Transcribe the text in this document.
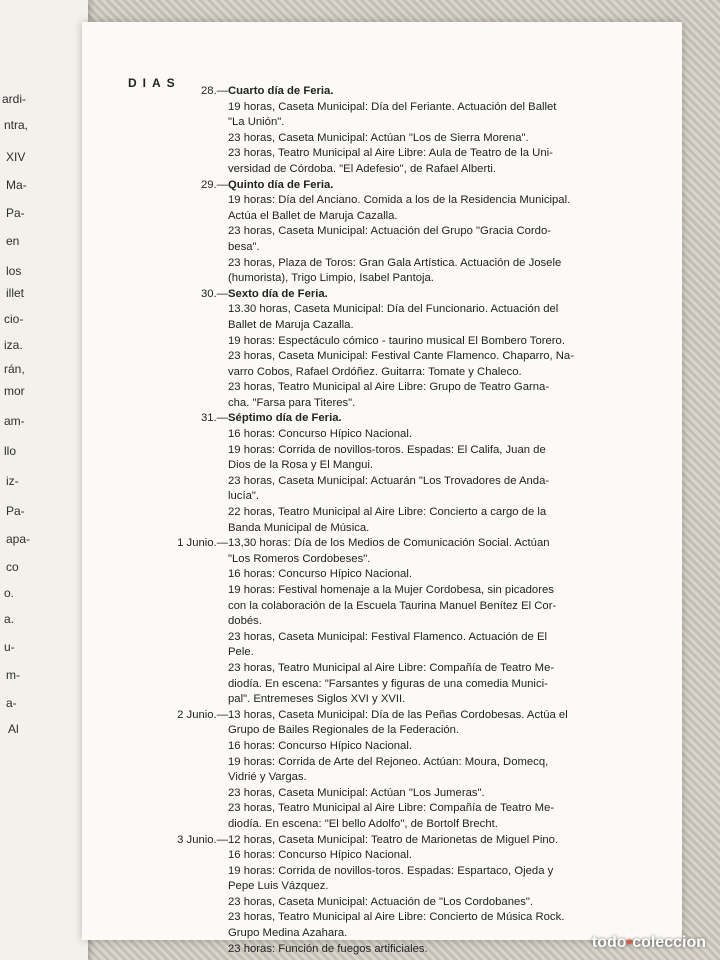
ardi-
ntra,
XIV
Ma-
Pa-
en
los
illet
cio-
iza.
rán,
mor
am-
llo
iz-
Pa-
apa-
co
o.
a.
u-
m-
a-
Al
DIAS
28.— Cuarto día de Feria.
19 horas, Caseta Municipal: Día del Feriante. Actuación del Ballet
"La Unión".
23 horas, Caseta Municipal: Actúan "Los de Sierra Morena".
23 horas, Teatro Municipal al Aire Libre: Aula de Teatro de la Uni-
versidad de Córdoba. "El Adefesio", de Rafael Alberti.
29.— Quinto día de Feria.
19 horas: Día del Anciano. Comida a los de la Residencia Municipal.
Actúa el Ballet de Maruja Cazalla.
23 horas, Caseta Municipal: Actuación del Grupo "Gracia Cordo-
besa".
23 horas, Plaza de Toros: Gran Gala Artística. Actuación de Josele
(humorista), Trigo Limpio, Isabel Pantoja.
30.— Sexto día de Feria.
13.30 horas, Caseta Municipal: Día del Funcionario. Actuación del
Ballet de Maruja Cazalla.
19 horas: Espectáculo cómico - taurino musical El Bombero Torero.
23 horas, Caseta Municipal: Festival Cante Flamenco. Chaparro, Na-
varro Cobos, Rafael Ordóñez. Guitarra: Tomate y Chaleco.
23 horas, Teatro Municipal al Aire Libre: Grupo de Teatro Garna-
cha. "Farsa para Titeres".
31.— Séptimo día de Feria.
16 horas: Concurso Hípico Nacional.
19 horas: Corrida de novillos-toros. Espadas: El Califa, Juan de
Dios de la Rosa y El Mangui.
23 horas, Caseta Municipal: Actuarán "Los Trovadores de Anda-
lucía".
22 horas, Teatro Municipal al Aire Libre: Concierto a cargo de la
Banda Municipal de Música.
1 Junio.— 13,30 horas: Día de los Medios de Comunicación Social. Actúan
"Los Romeros Cordobeses".
16 horas: Concurso Hípico Nacional.
19 horas: Festival homenaje a la Mujer Cordobesa, sin picadores
con la colaboración de la Escuela Taurina Manuel Benítez El Cor-
dobés.
23 horas, Caseta Municipal: Festival Flamenco. Actuación de El
Pele.
23 horas, Teatro Municipal al Aire Libre: Compañía de Teatro Me-
diodía. En escena: "Farsantes y figuras de una comedia Munici-
pal". Entremeses Siglos XVI y XVII.
2 Junio.— 13 horas, Caseta Municipal: Día de las Peñas Cordobesas. Actúa el
Grupo de Bailes Regionales de la Federación.
16 horas: Concurso Hípico Nacional.
19 horas: Corrida de Arte del Rejoneo. Actúan: Moura, Domecq,
Vidrié y Vargas.
23 horas, Caseta Municipal: Actúan "Los Jumeras".
23 horas, Teatro Municipal al Aire Libre: Compañía de Teatro Me-
diodía. En escena: "El bello Adolfo", de Bortolf Brecht.
3 Junio.— 12 horas, Caseta Municipal: Teatro de Marionetas de Miguel Pino.
16 horas: Concurso Hípico Nacional.
19 horas: Corrida de novillos-toros. Espadas: Espartaco, Ojeda y
Pepe Luis Vázquez.
23 horas, Caseta Municipal: Actuación de "Los Cordobanes".
23 horas, Teatro Municipal al Aire Libre: Concierto de Música Rock.
Grupo Medina Azahara.
23 horas: Función de fuegos artificiales.	todo•coleccion
